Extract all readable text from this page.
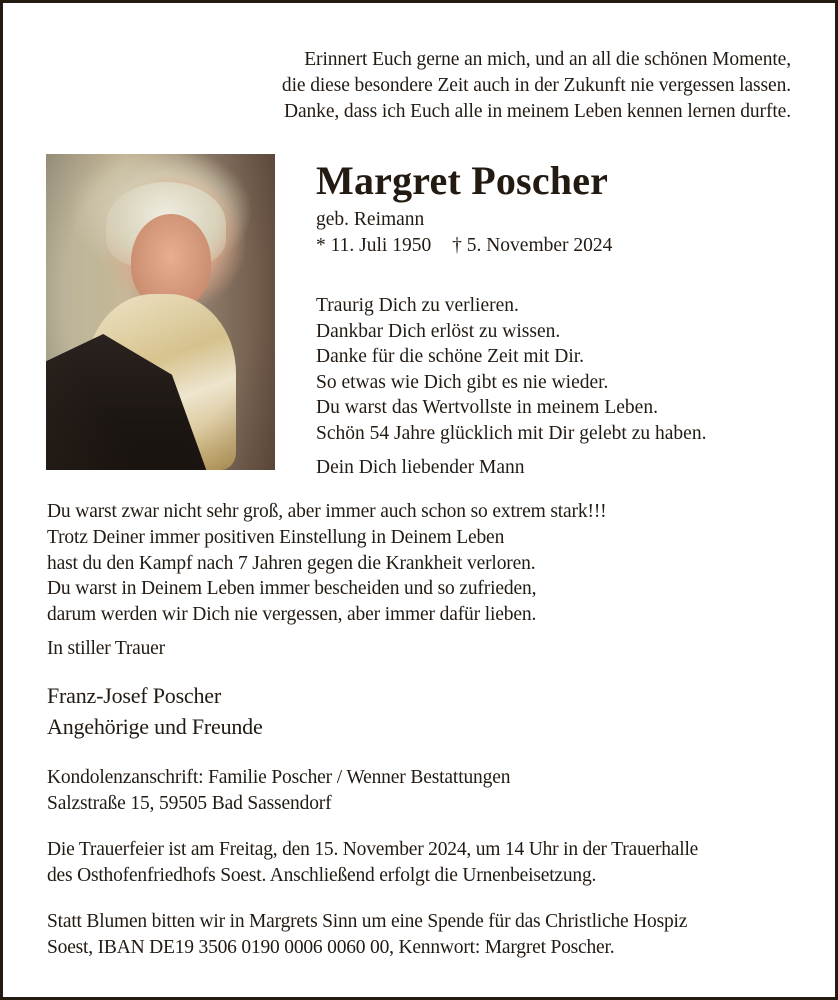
Erinnert Euch gerne an mich, und an all die schönen Momente,
die diese besondere Zeit auch in der Zukunft nie vergessen lassen.
Danke, dass ich Euch alle in meinem Leben kennen lernen durfte.
Margret Poscher
geb. Reimann
* 11. Juli 1950 † 5. November 2024
Traurig Dich zu verlieren.
Dankbar Dich erlöst zu wissen.
Danke für die schöne Zeit mit Dir.
So etwas wie Dich gibt es nie wieder.
Du warst das Wertvollste in meinem Leben.
Schön 54 Jahre glücklich mit Dir gelebt zu haben.
Dein Dich liebender Mann
Du warst zwar nicht sehr groß, aber immer auch schon so extrem stark!!!
Trotz Deiner immer positiven Einstellung in Deinem Leben
hast du den Kampf nach 7 Jahren gegen die Krankheit verloren.
Du warst in Deinem Leben immer bescheiden und so zufrieden,
darum werden wir Dich nie vergessen, aber immer dafür lieben.
In stiller Trauer
Franz-Josef Poscher
Angehörige und Freunde
Kondolenzanschrift: Familie Poscher / Wenner Bestattungen
Salzstraße 15, 59505 Bad Sassendorf
Die Trauerfeier ist am Freitag, den 15. November 2024, um 14 Uhr in der Trauerhalle
des Osthofenfriedhofs Soest. Anschließend erfolgt die Urnenbeisetzung.
Statt Blumen bitten wir in Margrets Sinn um eine Spende für das Christliche Hospiz
Soest, IBAN DE19 3506 0190 0006 0060 00, Kennwort: Margret Poscher.
